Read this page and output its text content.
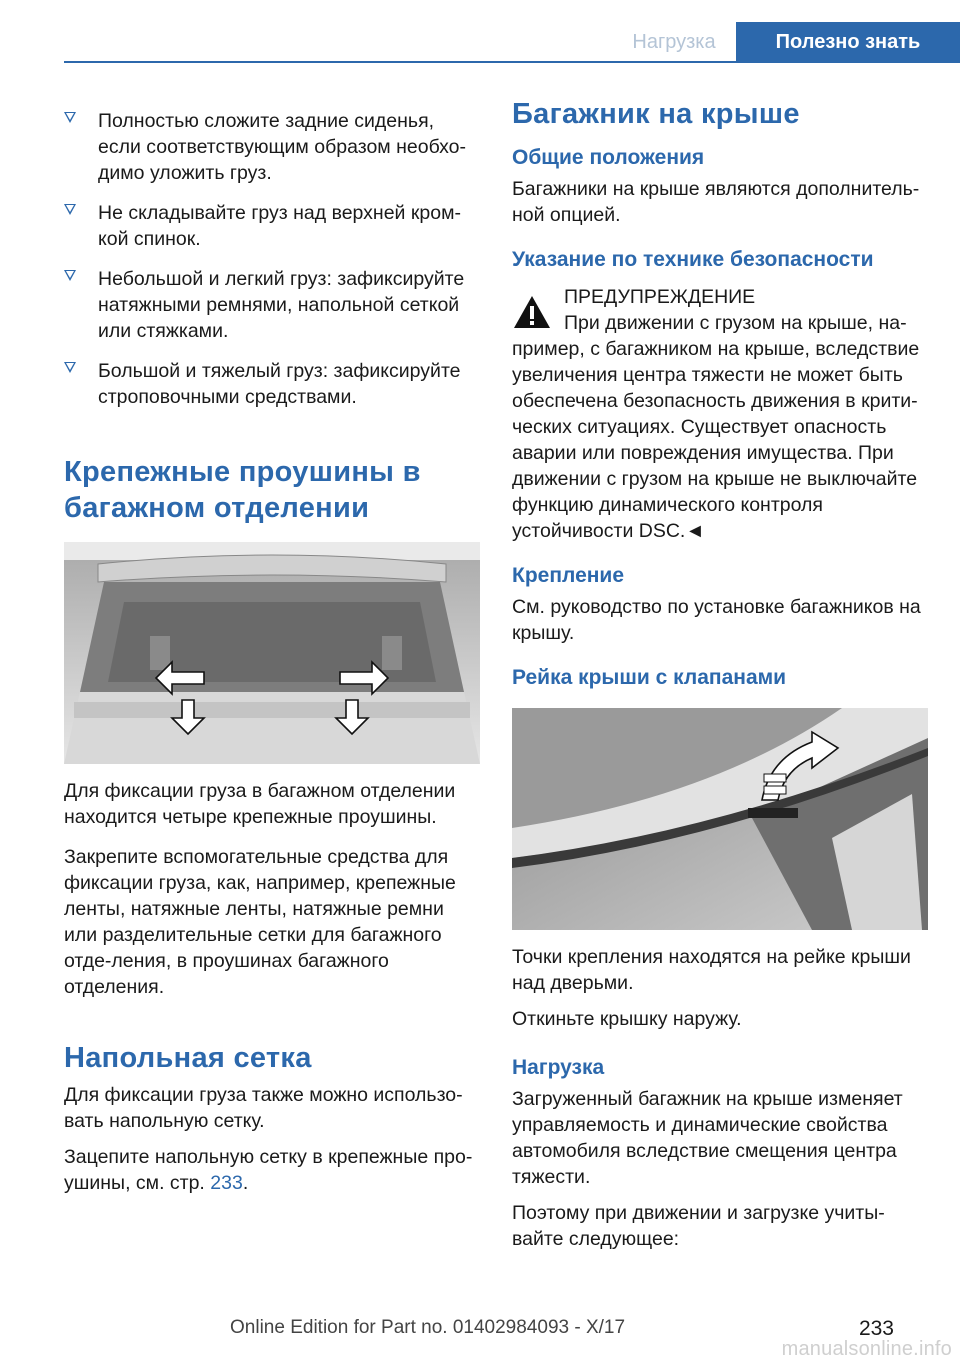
Нагрузка	Полезно знать
Полностью сложите задние сиденья, если соответствующим образом необхо-димо уложить груз.
Не складывайте груз над верхней кром-кой спинок.
Небольшой и легкий груз: зафиксируйте натяжными ремнями, напольной сеткой или стяжками.
Большой и тяжелый груз: зафиксируйте строповочными средствами.
Крепежные проушины в багажном отделении

Для фиксации груза в багажном отделении находится четыре крепежные проушины.

Закрепите вспомогательные средства для фиксации груза, как, например, крепежные ленты, натяжные ленты, натяжные ремни или разделительные сетки для багажного отде-ления, в проушинах багажного отделения.

Напольная сетка

Для фиксации груза также можно использо-вать напольную сетку.

Зацепите напольную сетку в крепежные про-ушины, см. стр. 233.

Багажник на крыше
Общие положения

Багажники на крыше являются дополнитель-ной опцией.

Указание по технике безопасности

ПРЕДУПРЕЖДЕНИЕ

При движении с грузом на крыше, на-пример, с багажником на крыше, вследствие увеличения центра тяжести не может быть обеспечена безопасность движения в крити-ческих ситуациях. Существует опасность аварии или повреждения имущества. При движении с грузом на крыше не выключайте функцию динамического контроля устойчивости DSC.◄

Крепление

См. руководство по установке багажников на крышу.

Рейка крыши с клапанами

Точки крепления находятся на рейке крыши над дверьми.

Откиньте крышку наружу.

Нагрузка

Загруженный багажник на крыше изменяет управляемость и динамические свойства автомобиля вследствие смещения центра тяжести.

Поэтому при движении и загрузке учиты-вайте следующее:

Online Edition for Part no. 01402984093 - X/17	233
manualsonline.info
